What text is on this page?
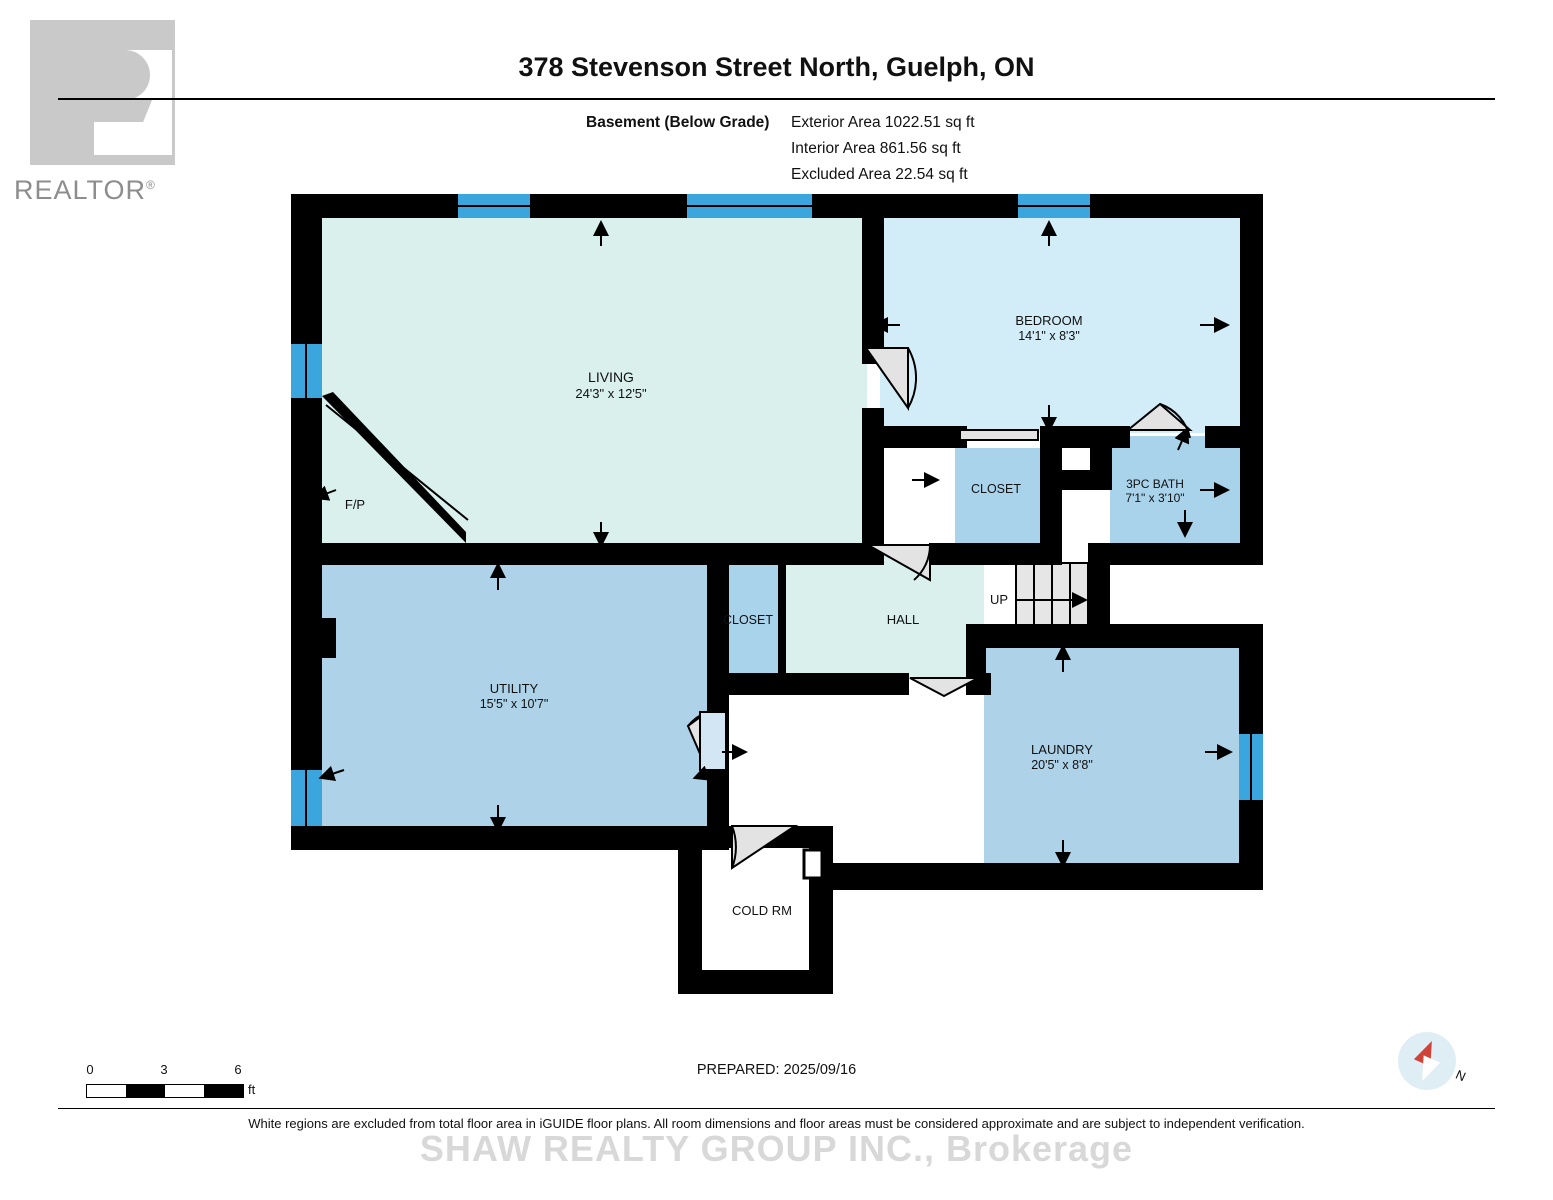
REALTOR®
378 Stevenson Street North, Guelph, ON
Basement (Below Grade) Exterior Area 1022.51 sq ft
Interior Area 861.56 sq ft
Excluded Area 22.54 sq ft
LIVING
24'3" x 12'5"
F/P
BEDROOM
14'1" x 8'3"
CLOSET	3PC BATH
7'1" x 3'10"
UTILITY
15'5" x 10'7"
CLOSET	HALL
UP
LAUNDRY
20'5" x 8'8"
COLD RM
0	3	6
ft
PREPARED: 2025/09/16	N
White regions are excluded from total floor area in iGUIDE floor plans. All room dimensions and floor areas must be considered approximate and are subject to independent verification.
SHAW REALTY GROUP INC., Brokerage
